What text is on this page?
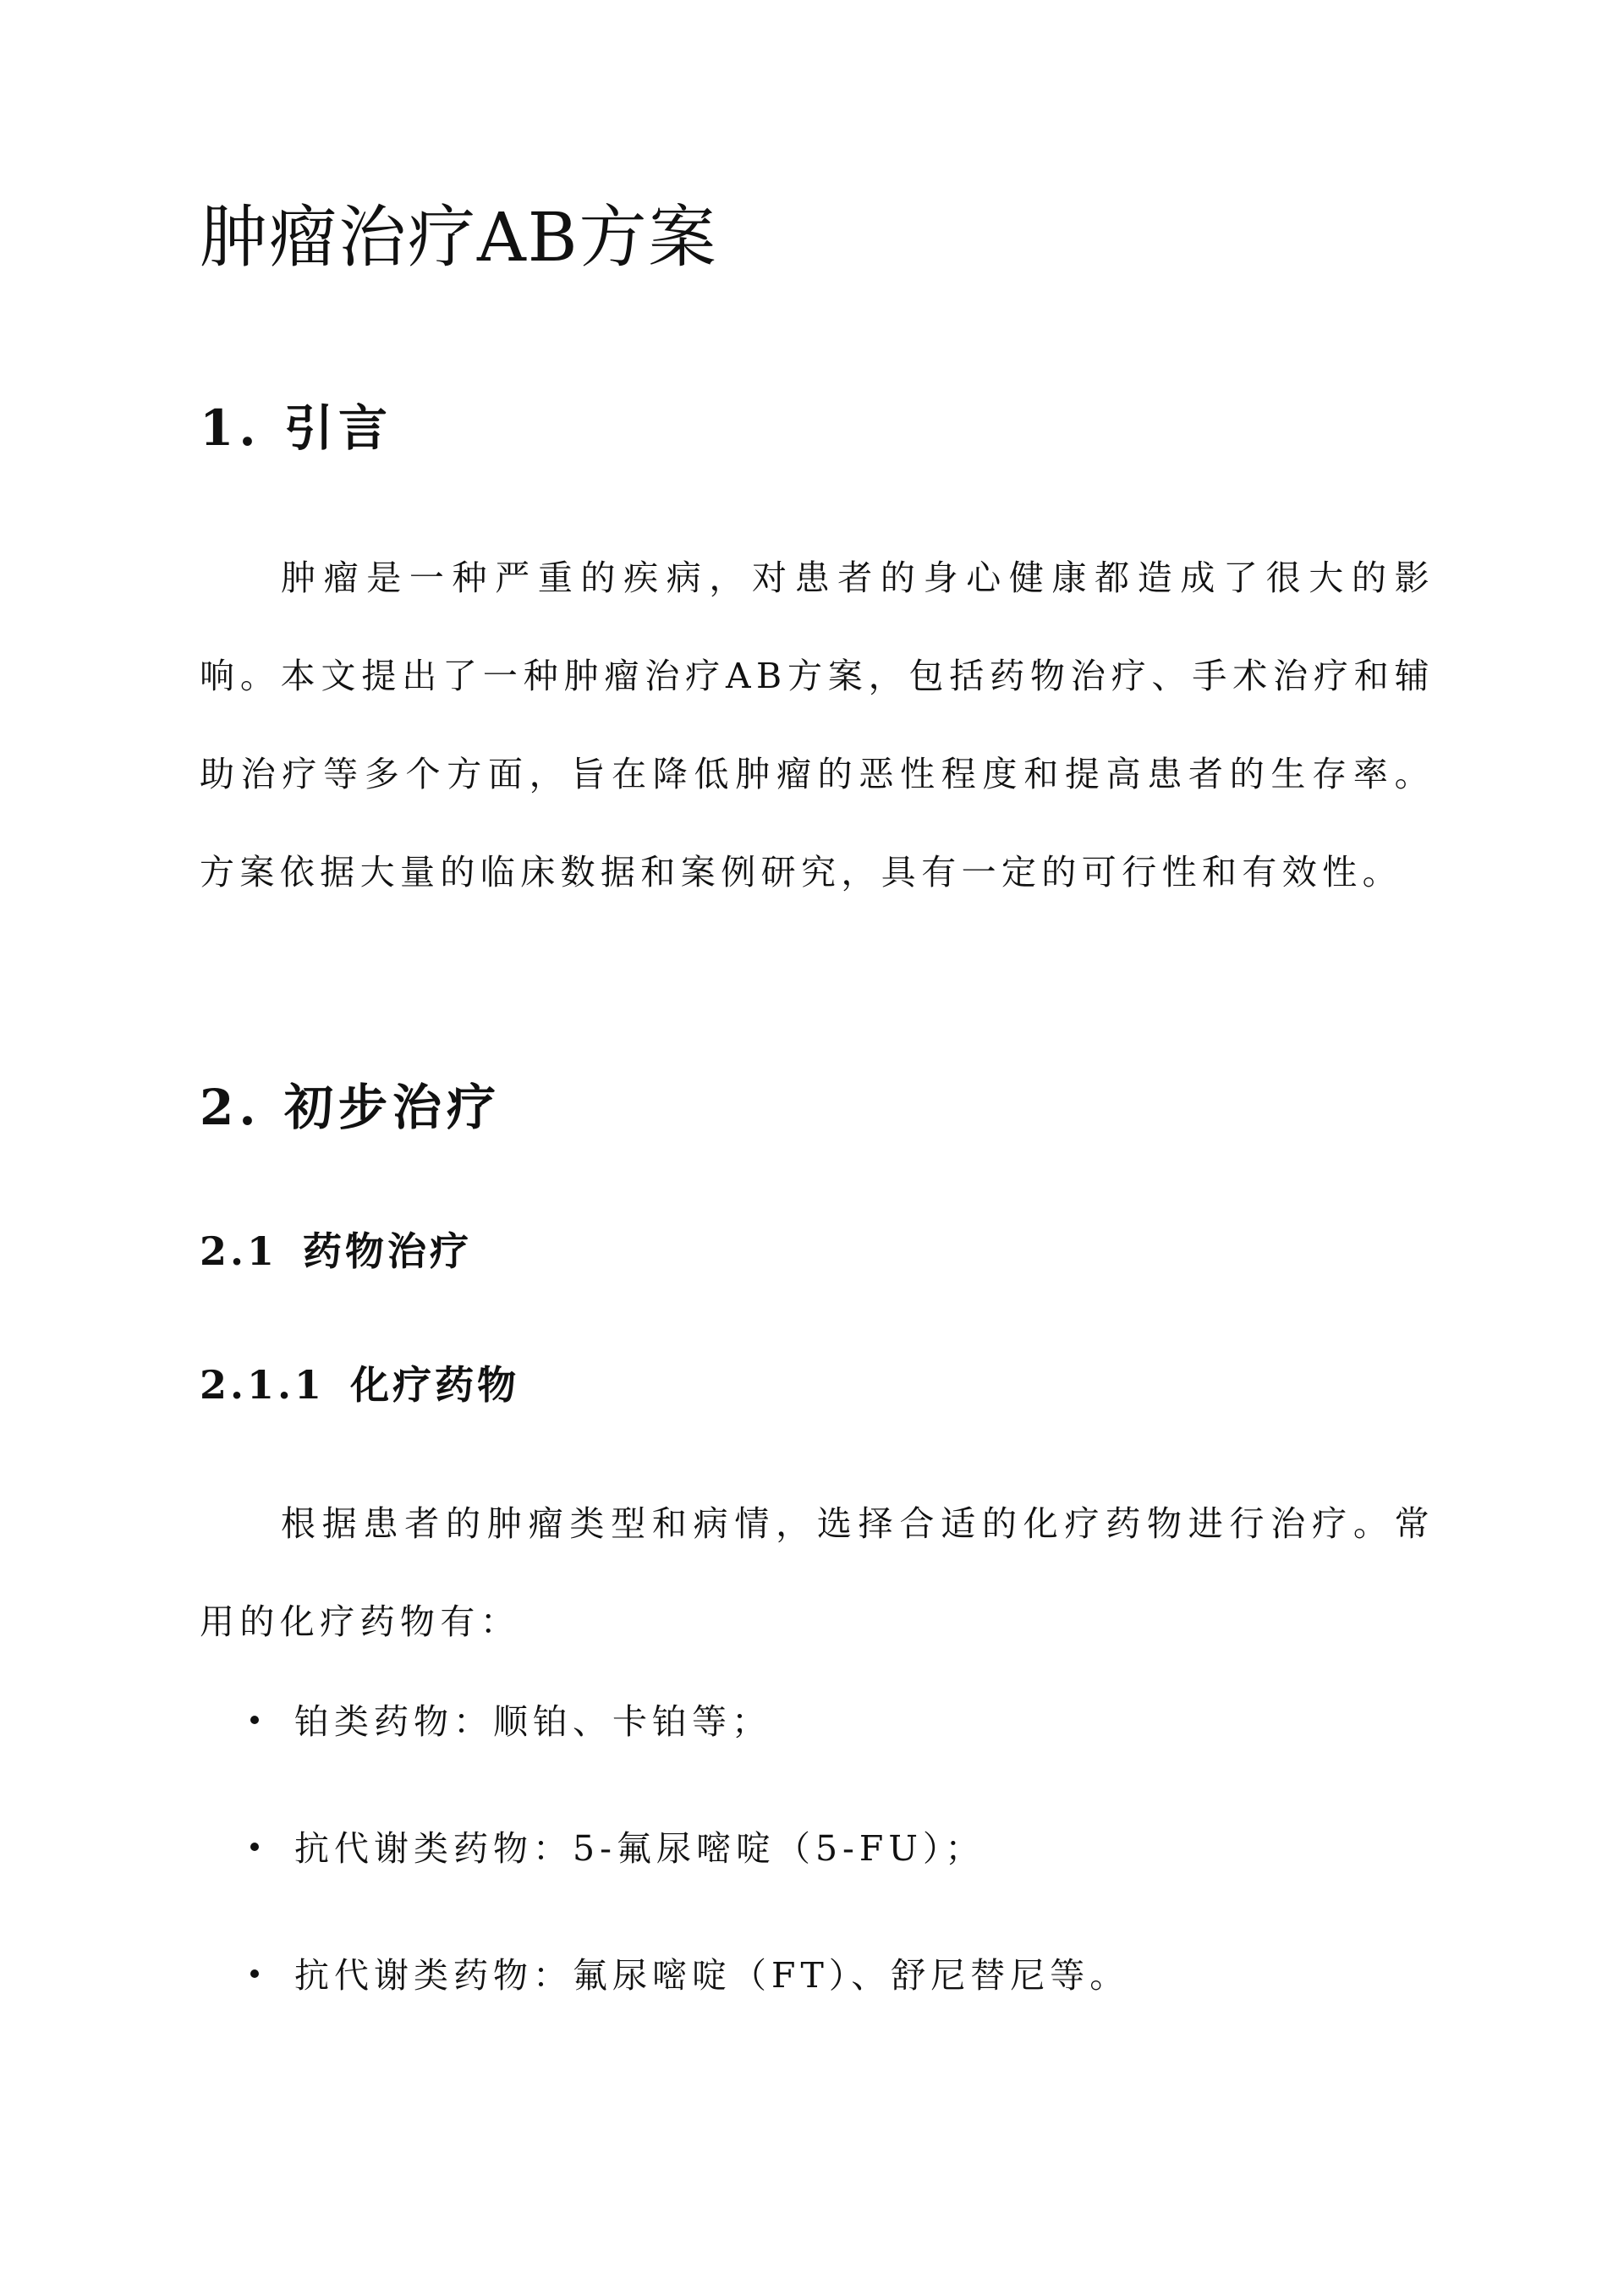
肿瘤治疗AB方案
1. 引言

肿瘤是一种严重的疾病，对患者的身心健康都造成了很大的影响。本文提出了一种肿瘤治疗AB方案，包括药物治疗、手术治疗和辅助治疗等多个方面，旨在降低肿瘤的恶性程度和提高患者的生存率。方案依据大量的临床数据和案例研究，具有一定的可行性和有效性。

2. 初步治疗
2.1 药物治疗
2.1.1 化疗药物

根据患者的肿瘤类型和病情，选择合适的化疗药物进行治疗。常用的化疗药物有：

铂类药物：顺铂、卡铂等；
抗代谢类药物：5-氟尿嘧啶（5-FU）；
抗代谢类药物：氟尿嘧啶（FT）、舒尼替尼等。
